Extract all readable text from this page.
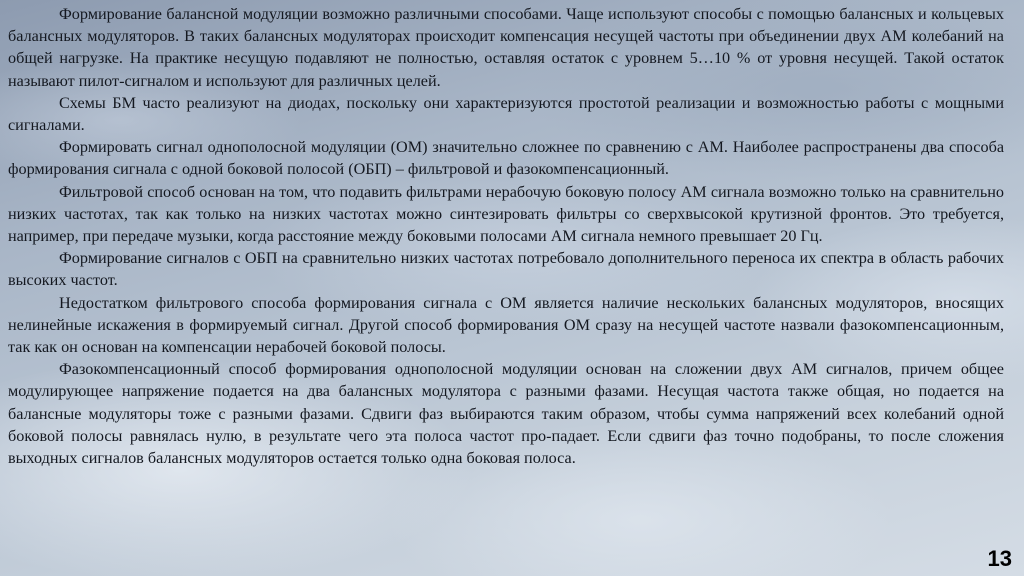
Формирование балансной модуляции возможно различными способами. Чаще используют способы с помощью балансных и кольцевых балансных модуляторов. В таких балансных модуляторах происходит компенсация несущей частоты при объединении двух АМ колебаний на общей нагрузке. На практике несущую подавляют не полностью, оставляя остаток с уровнем 5…10 % от уровня несущей. Такой остаток называют пилот-сигналом и используют для различных целей.

Схемы БМ часто реализуют на диодах, поскольку они характеризуются простотой реализации и возможностью работы с мощными сигналами.

Формировать сигнал однополосной модуляции (ОМ) значительно сложнее по сравнению с АМ. Наиболее распространены два способа формирования сигнала с одной боковой полосой (ОБП) – фильтровой и фазокомпенсационный.

Фильтровой способ основан на том, что подавить фильтрами нерабочую боковую полосу АМ сигнала возможно только на сравнительно низких частотах, так как только на низких частотах можно синтезировать фильтры со сверхвысокой крутизной фронтов. Это требуется, например, при передаче музыки, когда расстояние между боковыми полосами АМ сигнала немного превышает 20 Гц.

Формирование сигналов с ОБП на сравнительно низких частотах потребовало дополнительного переноса их спектра в область рабочих высоких частот.

Недостатком фильтрового способа формирования сигнала с ОМ является наличие нескольких балансных модуляторов, вносящих нелинейные искажения в формируемый сигнал. Другой способ формирования ОМ сразу на несущей частоте назвали фазокомпенсационным, так как он основан на компенсации нерабочей боковой полосы.

Фазокомпенсационный способ формирования однополосной модуляции основан на сложении двух АМ сигналов, причем общее модулирующее напряжение подается на два балансных модулятора с разными фазами. Несущая частота также общая, но подается на балансные модуляторы тоже с разными фазами. Сдвиги фаз выбираются таким образом, чтобы сумма напряжений всех колебаний одной боковой полосы равнялась нулю, в результате чего эта полоса частот про-падает. Если сдвиги фаз точно подобраны, то после сложения выходных сигналов балансных модуляторов остается только одна боковая полоса.

13
